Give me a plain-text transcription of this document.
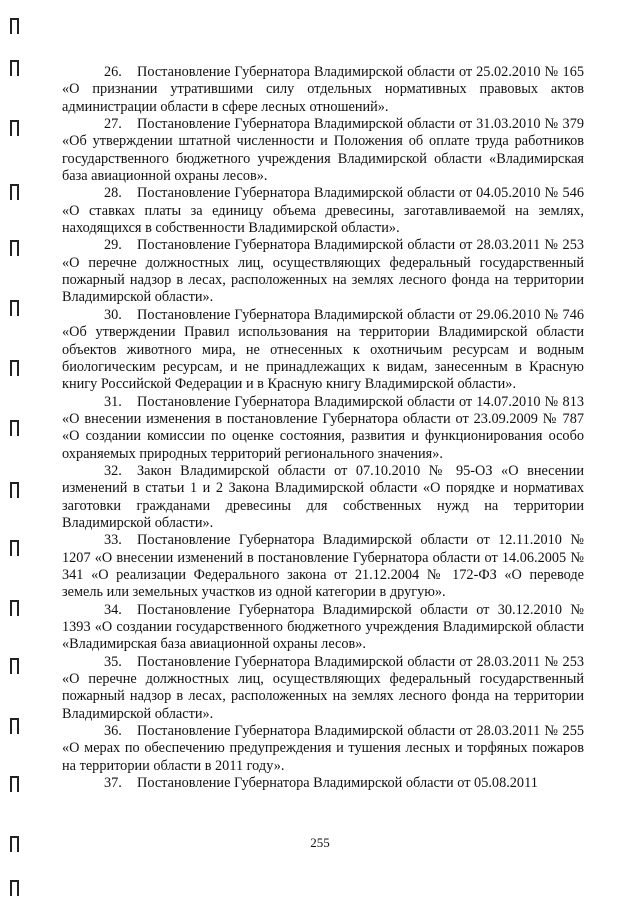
26. Постановление Губернатора Владимирской области от 25.02.2010 № 165 «О признании утратившими силу отдельных нормативных правовых актов администрации области в сфере лесных отношений».

27. Постановление Губернатора Владимирской области от 31.03.2010 № 379 «Об утверждении штатной численности и Положения об оплате труда работников государственного бюджетного учреждения Владимирской области «Владимирская база авиационной охраны лесов».

28. Постановление Губернатора Владимирской области от 04.05.2010 № 546 «О ставках платы за единицу объема древесины, заготавливаемой на землях, находящихся в собственности Владимирской области».

29. Постановление Губернатора Владимирской области от 28.03.2011 № 253 «О перечне должностных лиц, осуществляющих федеральный государственный пожарный надзор в лесах, расположенных на землях лесного фонда на территории Владимирской области».

30. Постановление Губернатора Владимирской области от 29.06.2010 № 746 «Об утверждении Правил использования на территории Владимирской области объектов животного мира, не отнесенных к охотничьим ресурсам и водным биологическим ресурсам, и не принадлежащих к видам, занесенным в Красную книгу Российской Федерации и в Красную книгу Владимирской области».

31. Постановление Губернатора Владимирской области от 14.07.2010 № 813 «О внесении изменения в постановление Губернатора области от 23.09.2009 № 787 «О создании комиссии по оценке состояния, развития и функционирования особо охраняемых природных территорий регионального значения».

32. Закон Владимирской области от 07.10.2010 № 95-ОЗ «О внесении изменений в статьи 1 и 2 Закона Владимирской области «О порядке и нормативах заготовки гражданами древесины для собственных нужд на территории Владимирской области».

33. Постановление Губернатора Владимирской области от 12.11.2010 № 1207 «О внесении изменений в постановление Губернатора области от 14.06.2005 № 341 «О реализации Федерального закона от 21.12.2004 № 172-ФЗ «О переводе земель или земельных участков из одной категории в другую».

34. Постановление Губернатора Владимирской области от 30.12.2010 № 1393 «О создании государственного бюджетного учреждения Владимирской области «Владимирская база авиационной охраны лесов».

35. Постановление Губернатора Владимирской области от 28.03.2011 № 253 «О перечне должностных лиц, осуществляющих федеральный государственный пожарный надзор в лесах, расположенных на землях лесного фонда на территории Владимирской области».

36. Постановление Губернатора Владимирской области от 28.03.2011 № 255 «О мерах по обеспечению предупреждения и тушения лесных и торфяных пожаров на территории области в 2011 году».

37. Постановление Губернатора Владимирской области от 05.08.2011

255
